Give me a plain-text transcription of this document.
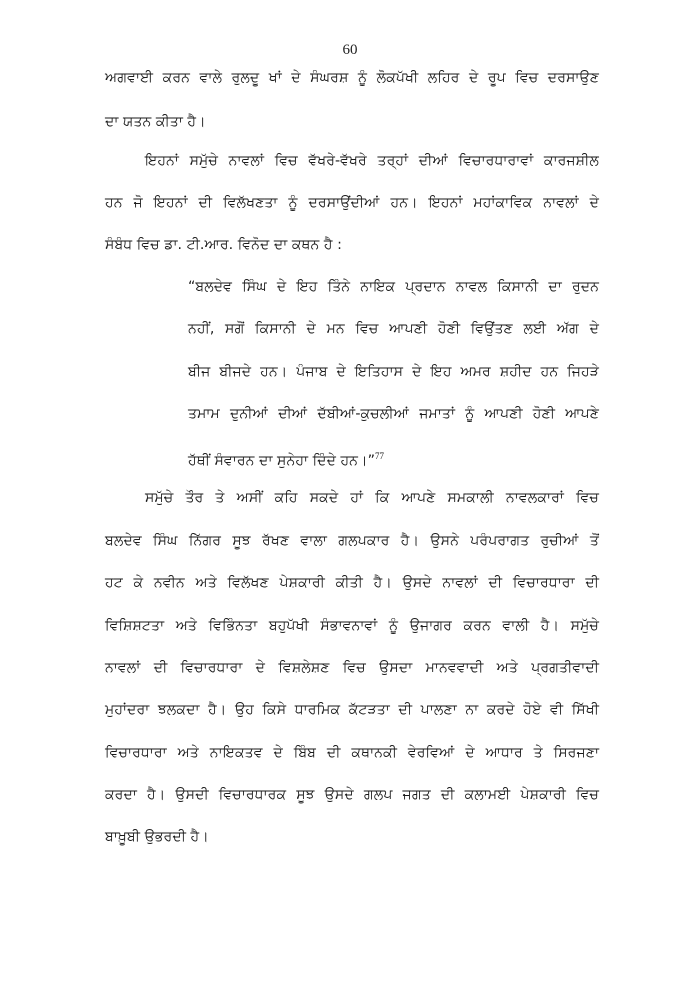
60
ਅਗਵਾਈ ਕਰਨ ਵਾਲੇ ਰੁਲਦੂ ਖਾਂ ਦੇ ਸੰਘਰਸ਼ ਨੂੰ ਲੋਕਪੱਖੀ ਲਹਿਰ ਦੇ ਰੂਪ ਵਿਚ ਦਰਸਾਉਣ
ਦਾ ਯਤਨ ਕੀਤਾ ਹੈ।
ਇਹਨਾਂ ਸਮੁੱਚੇ ਨਾਵਲਾਂ ਵਿਚ ਵੱਖਰੇ-ਵੱਖਰੇ ਤਰ੍ਹਾਂ ਦੀਆਂ ਵਿਚਾਰਧਾਰਾਵਾਂ ਕਾਰਜਸ਼ੀਲ
ਹਨ ਜੋ ਇਹਨਾਂ ਦੀ ਵਿਲੱਖਣਤਾ ਨੂੰ ਦਰਸਾਉਂਦੀਆਂ ਹਨ। ਇਹਨਾਂ ਮਹਾਂਕਾਵਿਕ ਨਾਵਲਾਂ ਦੇ
ਸੰਬੰਧ ਵਿਚ ਡਾ. ਟੀ.ਆਰ. ਵਿਨੋਦ ਦਾ ਕਥਨ ਹੈ :
“ਬਲਦੇਵ ਸਿੰਘ ਦੇ ਇਹ ਤਿੰਨੇ ਨਾਇਕ ਪ੍ਰਦਾਨ ਨਾਵਲ ਕਿਸਾਨੀ ਦਾ ਰੁਦਨ
ਨਹੀਂ, ਸਗੋਂ ਕਿਸਾਨੀ ਦੇ ਮਨ ਵਿਚ ਆਪਣੀ ਹੋਣੀ ਵਿਉਂਤਣ ਲਈ ਅੱਗ ਦੇ
ਬੀਜ ਬੀਜਦੇ ਹਨ। ਪੰਜਾਬ ਦੇ ਇਤਿਹਾਸ ਦੇ ਇਹ ਅਮਰ ਸ਼ਹੀਦ ਹਨ ਜਿਹੜੇ
ਤਮਾਮ ਦੁਨੀਆਂ ਦੀਆਂ ਦੱਬੀਆਂ-ਕੁਚਲੀਆਂ ਜਮਾਤਾਂ ਨੂੰ ਆਪਣੀ ਹੋਣੀ ਆਪਣੇ
ਹੱਥੀਂ ਸੰਵਾਰਨ ਦਾ ਸੁਨੇਹਾ ਦਿੰਦੇ ਹਨ।”$^{77}$
ਸਮੁੱਚੇ ਤੌਰ ਤੇ ਅਸੀਂ ਕਹਿ ਸਕਦੇ ਹਾਂ ਕਿ ਆਪਣੇ ਸਮਕਾਲੀ ਨਾਵਲਕਾਰਾਂ ਵਿਚ
ਬਲਦੇਵ ਸਿੰਘ ਨਿੱਗਰ ਸੂਝ ਰੱਖਣ ਵਾਲਾ ਗਲਪਕਾਰ ਹੈ। ਉਸਨੇ ਪਰੰਪਰਾਗਤ ਰੁਚੀਆਂ ਤੋਂ
ਹਟ ਕੇ ਨਵੀਨ ਅਤੇ ਵਿਲੱਖਣ ਪੇਸ਼ਕਾਰੀ ਕੀਤੀ ਹੈ। ਉਸਦੇ ਨਾਵਲਾਂ ਦੀ ਵਿਚਾਰਧਾਰਾ ਦੀ
ਵਿਸ਼ਿਸ਼ਟਤਾ ਅਤੇ ਵਿਭਿੰਨਤਾ ਬਹੁਪੱਖੀ ਸੰਭਾਵਨਾਵਾਂ ਨੂੰ ਉਜਾਗਰ ਕਰਨ ਵਾਲੀ ਹੈ। ਸਮੁੱਚੇ
ਨਾਵਲਾਂ ਦੀ ਵਿਚਾਰਧਾਰਾ ਦੇ ਵਿਸ਼ਲੇਸ਼ਣ ਵਿਚ ਉਸਦਾ ਮਾਨਵਵਾਦੀ ਅਤੇ ਪ੍ਰਗਤੀਵਾਦੀ
ਮੁਹਾਂਦਰਾ ਝਲਕਦਾ ਹੈ। ਉਹ ਕਿਸੇ ਧਾਰਮਿਕ ਕੱਟੜਤਾ ਦੀ ਪਾਲਣਾ ਨਾ ਕਰਦੇ ਹੋਏ ਵੀ ਸਿੱਖੀ
ਵਿਚਾਰਧਾਰਾ ਅਤੇ ਨਾਇਕਤਵ ਦੇ ਬਿੰਬ ਦੀ ਕਥਾਨਕੀ ਵੇਰਵਿਆਂ ਦੇ ਆਧਾਰ ਤੇ ਸਿਰਜਣਾ
ਕਰਦਾ ਹੈ। ਉਸਦੀ ਵਿਚਾਰਧਾਰਕ ਸੂਝ ਉਸਦੇ ਗਲਪ ਜਗਤ ਦੀ ਕਲਾਮਈ ਪੇਸ਼ਕਾਰੀ ਵਿਚ
ਬਾਖ਼ੂਬੀ ਉਭਰਦੀ ਹੈ।
